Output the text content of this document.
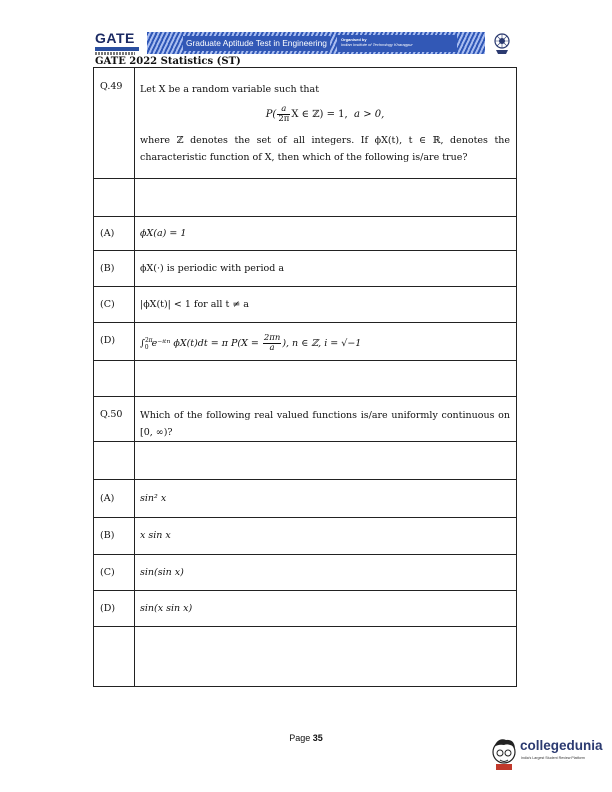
GATE	Graduate Aptitude Test in Engineering	Organised by
Indian Institute of Technology Kharagpur
GATE 2022 Statistics (ST)
Q.49 Let X be a random variable such that
$P( \frac{a}{2\pi}$ X ∈ ℤ) = 1, a > 0,
where ℤ denotes the set of all integers. If ϕX(t), t ∈ ℝ, denotes the characteristic function of X, then which of the following is/are true?
(A)	ϕX(a) = 1
(B)	ϕX(·) is periodic with period a
(C)	|ϕX(t)| < 1 for all t ≠ a
(D)	∫$^{2\pi}_0$ e⁻ⁱᵗⁿ ϕX(t)dt = π $P(X = \frac{2\pi n}{a}$ ), n ∈ ℤ, i = √−1
Q.50 Which of the following real valued functions is/are uniformly continuous on [0, ∞)?
(A)	sin² x
(B)	x sin x
(C)	sin(sin x)
(D)	sin(x sin x)
Page 35	collegedunia
India's Largest Student Review Platform
